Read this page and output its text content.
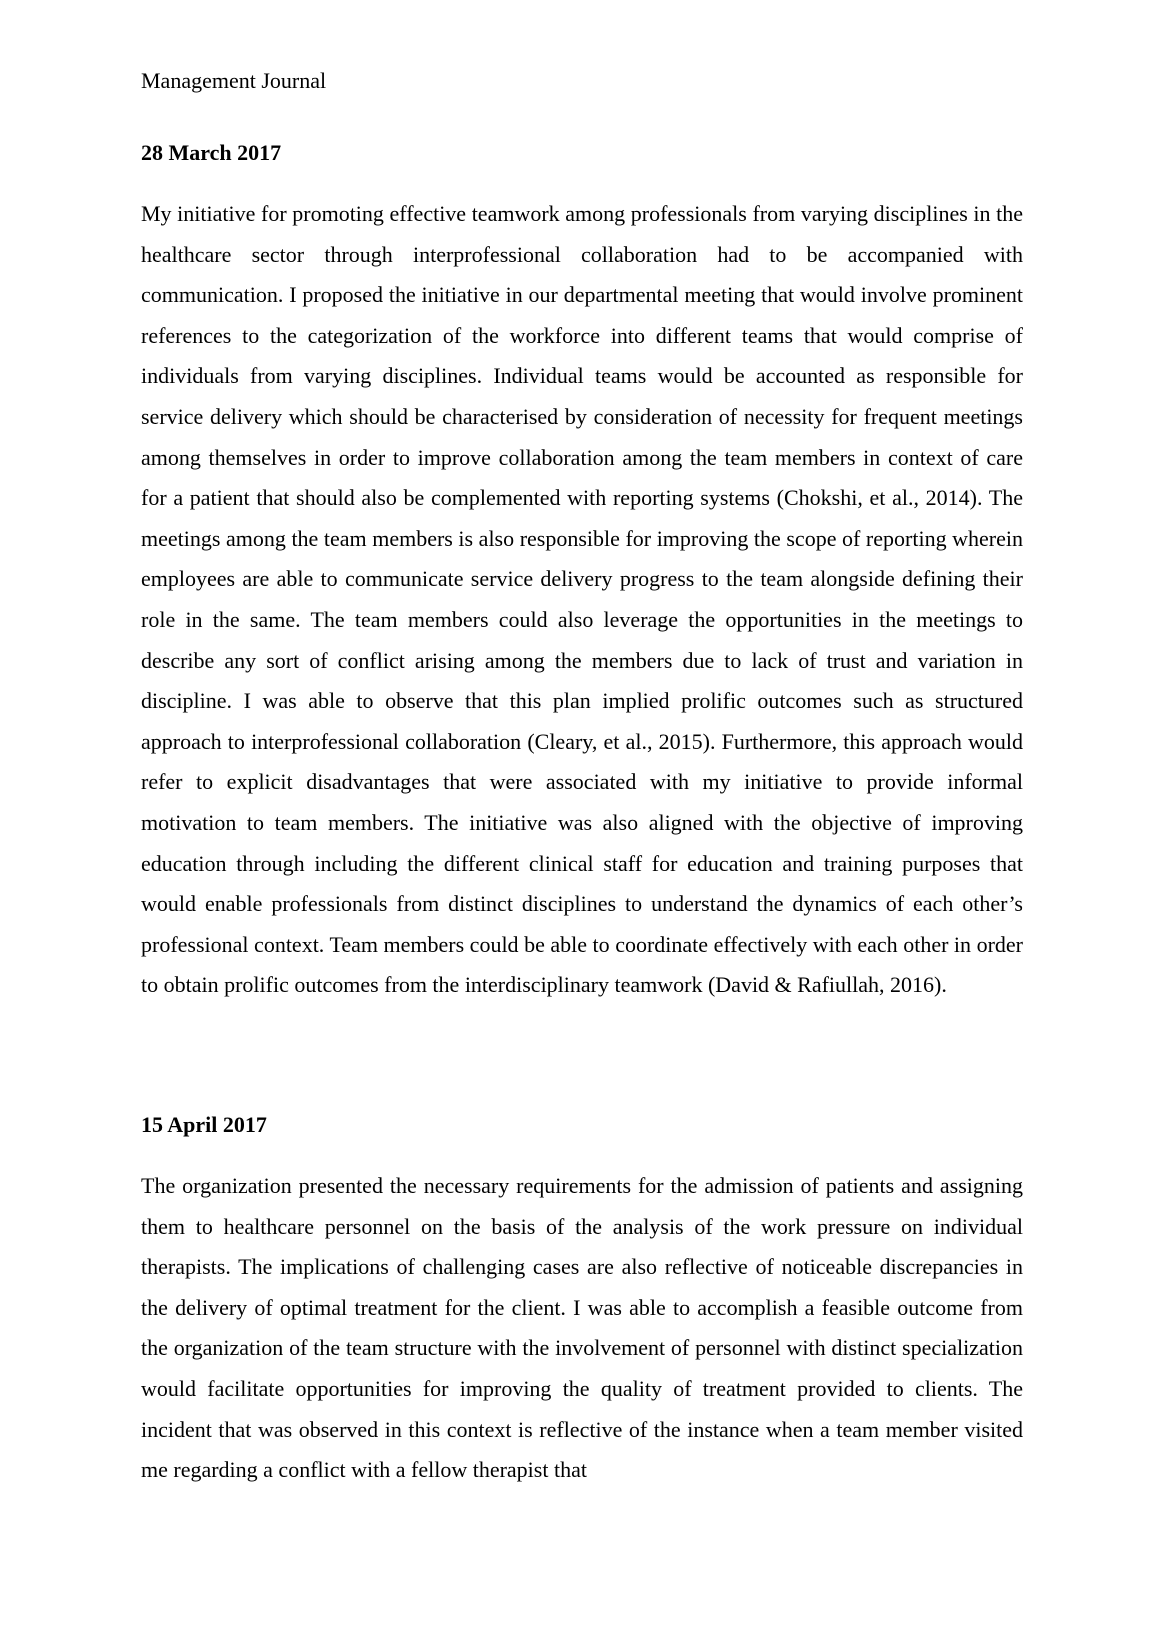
Management Journal
28 March 2017

My initiative for promoting effective teamwork among professionals from varying disciplines in the healthcare sector through interprofessional collaboration had to be accompanied with communication. I proposed the initiative in our departmental meeting that would involve prominent references to the categorization of the workforce into different teams that would comprise of individuals from varying disciplines. Individual teams would be accounted as responsible for service delivery which should be characterised by consideration of necessity for frequent meetings among themselves in order to improve collaboration among the team members in context of care for a patient that should also be complemented with reporting systems (Chokshi, et al., 2014). The meetings among the team members is also responsible for improving the scope of reporting wherein employees are able to communicate service delivery progress to the team alongside defining their role in the same. The team members could also leverage the opportunities in the meetings to describe any sort of conflict arising among the members due to lack of trust and variation in discipline. I was able to observe that this plan implied prolific outcomes such as structured approach to interprofessional collaboration (Cleary, et al., 2015). Furthermore, this approach would refer to explicit disadvantages that were associated with my initiative to provide informal motivation to team members. The initiative was also aligned with the objective of improving education through including the different clinical staff for education and training purposes that would enable professionals from distinct disciplines to understand the dynamics of each other’s professional context. Team members could be able to coordinate effectively with each other in order to obtain prolific outcomes from the interdisciplinary teamwork (David & Rafiullah, 2016).

15 April 2017

The organization presented the necessary requirements for the admission of patients and assigning them to healthcare personnel on the basis of the analysis of the work pressure on individual therapists. The implications of challenging cases are also reflective of noticeable discrepancies in the delivery of optimal treatment for the client. I was able to accomplish a feasible outcome from the organization of the team structure with the involvement of personnel with distinct specialization would facilitate opportunities for improving the quality of treatment provided to clients. The incident that was observed in this context is reflective of the instance when a team member visited me regarding a conflict with a fellow therapist that
